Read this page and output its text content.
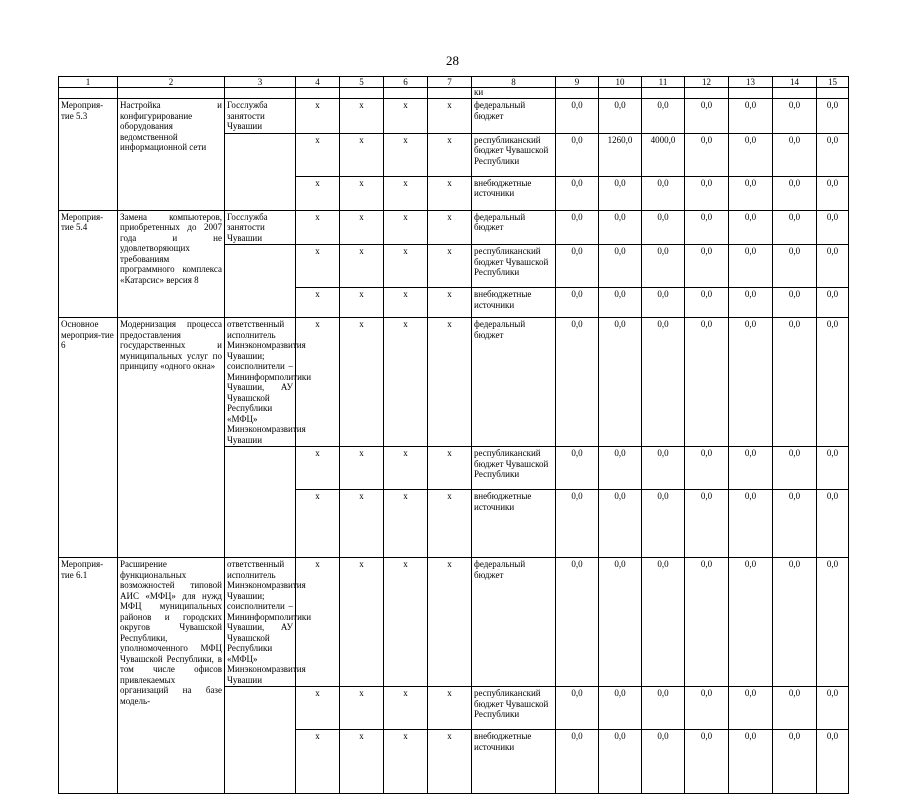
28
1	2	3	4	5	6	7	8	9	10	11	12	13	14	15
							ки							
Мероприя-тие 5.3	Настройка и конфигурирование оборудования ведомственной информационной сети	Госслужба занятости Чувашии	x	x	x	x	федеральный бюджет	0,0	0,0	0,0	0,0	0,0	0,0	0,0
			x	x	x	x	республиканский бюджет Чувашской Республики	0,0	1260,0	4000,0	0,0	0,0	0,0	0,0
			x	x	x	x	внебюджетные источники	0,0	0,0	0,0	0,0	0,0	0,0	0,0
Мероприя-тие 5.4	Замена компьютеров, приобретенных до 2007 года и не удовлетворяющих требованиям программного комплекса «Катарсис» версия 8	Госслужба занятости Чувашии	x	x	x	x	федеральный бюджет	0,0	0,0	0,0	0,0	0,0	0,0	0,0
			x	x	x	x	республиканский бюджет Чувашской Республики	0,0	0,0	0,0	0,0	0,0	0,0	0,0
			x	x	x	x	внебюджетные источники	0,0	0,0	0,0	0,0	0,0	0,0	0,0
Основное мероприя-тие 6	Модернизация процесса предоставления государственных и муниципальных услуг по принципу «одного окна»	ответственный исполнитель Минэкономразвития Чувашии; соисполнители – Мининформполитики Чувашии, АУ Чувашской Республики «МФЦ» Минэкономразвития Чувашии	x	x	x	x	федеральный бюджет	0,0	0,0	0,0	0,0	0,0	0,0	0,0
			x	x	x	x	республиканский бюджет Чувашской Республики	0,0	0,0	0,0	0,0	0,0	0,0	0,0
			x	x	x	x	внебюджетные источники	0,0	0,0	0,0	0,0	0,0	0,0	0,0
Мероприя-тие 6.1	Расширение функциональных возможностей типовой АИС «МФЦ» для нужд МФЦ муниципальных районов и городских округов Чувашской Республики, уполномоченного МФЦ Чувашской Республики, в том числе офисов привлекаемых организаций на базе модель-	ответственный исполнитель Минэкономразвития Чувашии; соисполнители – Мининформполитики Чувашии, АУ Чувашской Республики «МФЦ» Минэкономразвития Чувашии	x	x	x	x	федеральный бюджет	0,0	0,0	0,0	0,0	0,0	0,0	0,0
			x	x	x	x	республиканский бюджет Чувашской Республики	0,0	0,0	0,0	0,0	0,0	0,0	0,0
			x	x	x	x	внебюджетные источники	0,0	0,0	0,0	0,0	0,0	0,0	0,0
